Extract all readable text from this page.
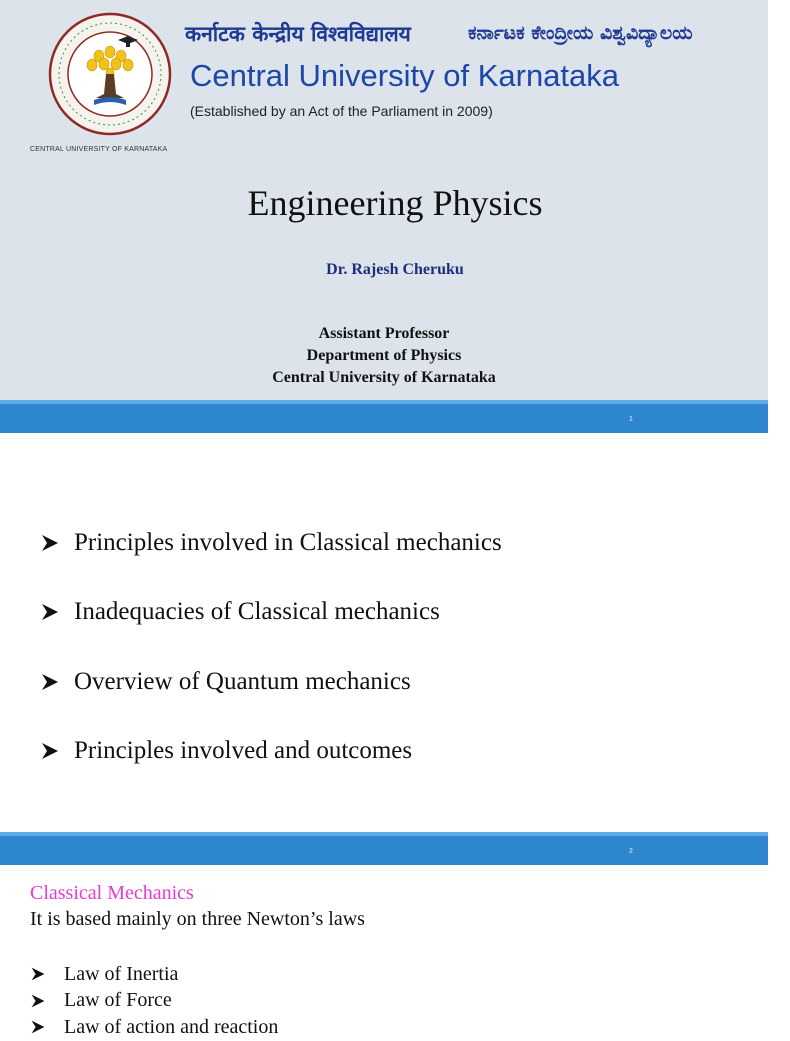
CENTRAL UNIVERSITY OF KARNATAKA
कर्नाटक केन्द्रीय विश्वविद्यालय	ಕರ್ನಾಟಕ ಕೇಂದ್ರೀಯ ವಿಶ್ವವಿದ್ಯಾಲಯ
Central University of Karnataka
(Established by an Act of the Parliament in 2009)
Engineering Physics
Dr. Rajesh Cheruku
Assistant Professor
Department of Physics
Central University of Karnataka
1
Principles involved in Classical mechanics
Inadequacies of Classical mechanics
Overview of Quantum mechanics
Principles involved and outcomes
2
Classical Mechanics
It is based mainly on three Newton’s laws
Law of Inertia
Law of Force
Law of action and reaction
